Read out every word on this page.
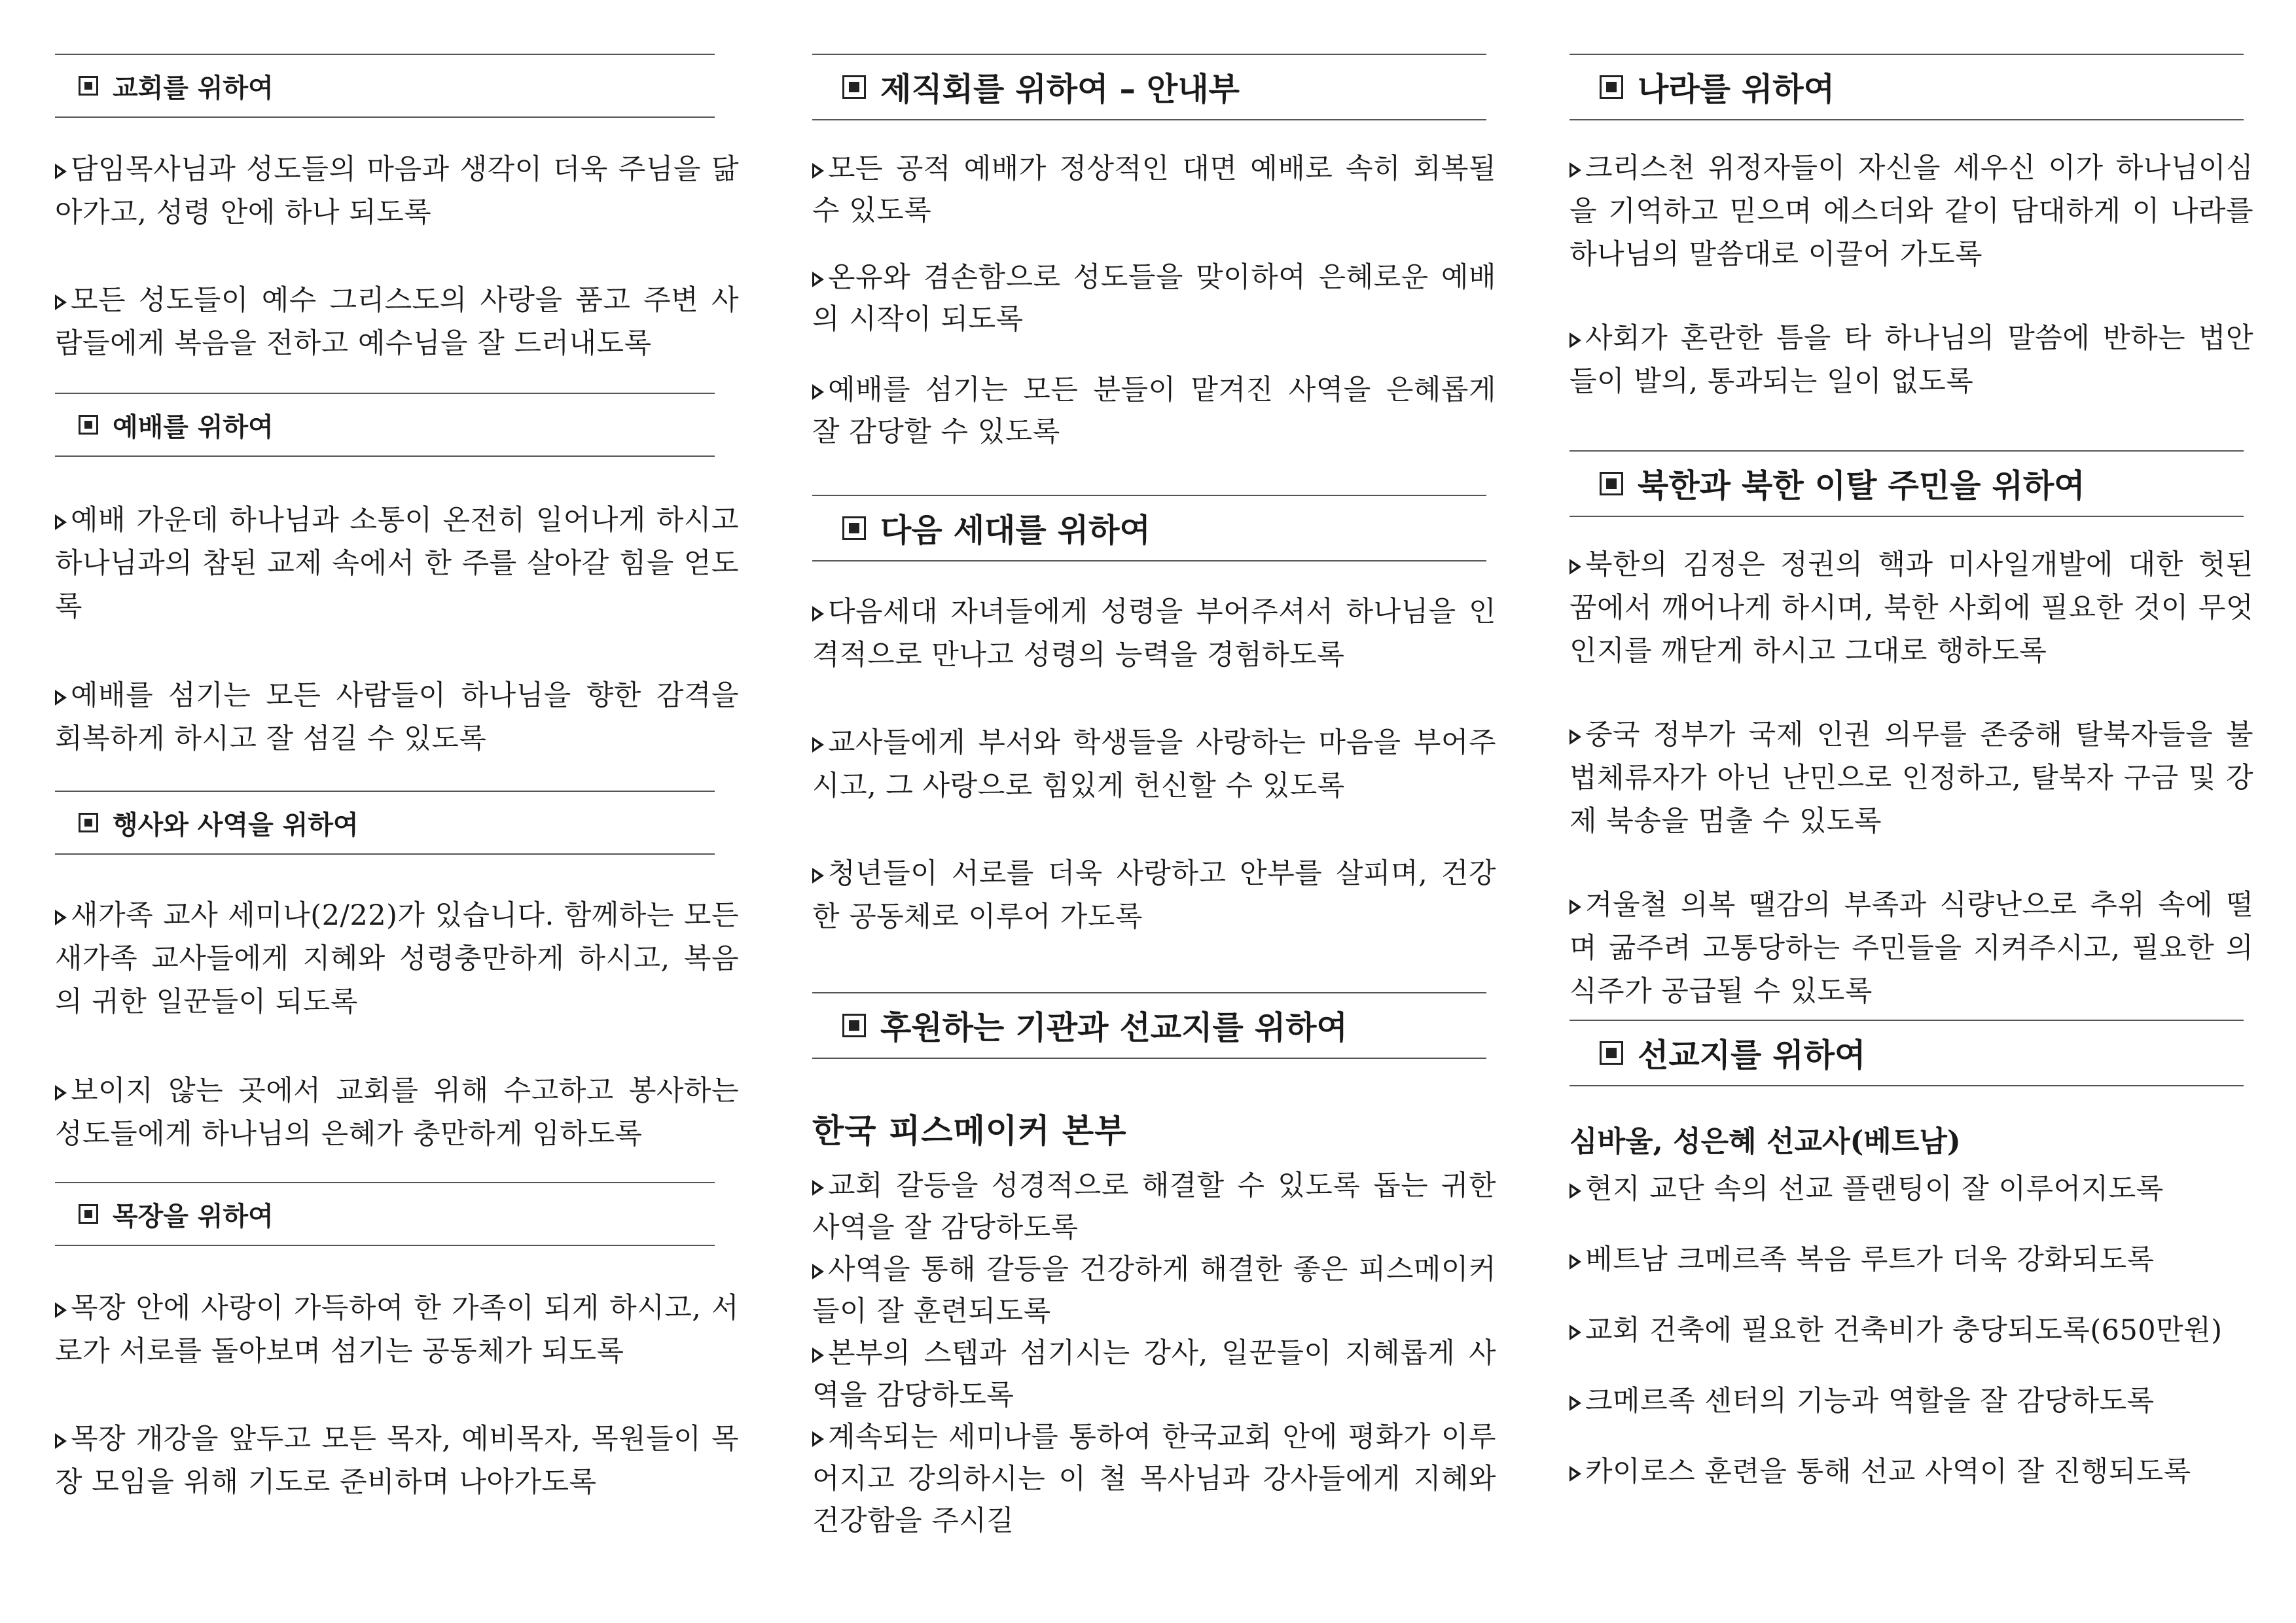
교회를 위하여
담임목사님과 성도들의 마음과 생각이 더욱 주님을 닮아가고, 성령 안에 하나 되도록
모든 성도들이 예수 그리스도의 사랑을 품고 주변 사람들에게 복음을 전하고 예수님을 잘 드러내도록
예배를 위하여
예배 가운데 하나님과 소통이 온전히 일어나게 하시고 하나님과의 참된 교제 속에서 한 주를 살아갈 힘을 얻도록
예배를 섬기는 모든 사람들이 하나님을 향한 감격을 회복하게 하시고 잘 섬길 수 있도록
행사와 사역을 위하여
새가족 교사 세미나(2/22)가 있습니다. 함께하는 모든 새가족 교사들에게 지혜와 성령충만하게 하시고, 복음의 귀한 일꾼들이 되도록
보이지 않는 곳에서 교회를 위해 수고하고 봉사하는 성도들에게 하나님의 은혜가 충만하게 임하도록
목장을 위하여
목장 안에 사랑이 가득하여 한 가족이 되게 하시고, 서로가 서로를 돌아보며 섬기는 공동체가 되도록
목장 개강을 앞두고 모든 목자, 예비목자, 목원들이 목장 모임을 위해 기도로 준비하며 나아가도록
제직회를 위하여 – 안내부
모든 공적 예배가 정상적인 대면 예배로 속히 회복될 수 있도록
온유와 겸손함으로 성도들을 맞이하여 은혜로운 예배의 시작이 되도록
예배를 섬기는 모든 분들이 맡겨진 사역을 은혜롭게 잘 감당할 수 있도록
다음 세대를 위하여
다음세대 자녀들에게 성령을 부어주셔서 하나님을 인격적으로 만나고 성령의 능력을 경험하도록
교사들에게 부서와 학생들을 사랑하는 마음을 부어주시고, 그 사랑으로 힘있게 헌신할 수 있도록
청년들이 서로를 더욱 사랑하고 안부를 살피며, 건강한 공동체로 이루어 가도록
후원하는 기관과 선교지를 위하여
한국 피스메이커 본부
교회 갈등을 성경적으로 해결할 수 있도록 돕는 귀한 사역을 잘 감당하도록
사역을 통해 갈등을 건강하게 해결한 좋은 피스메이커들이 잘 훈련되도록
본부의 스텝과 섬기시는 강사, 일꾼들이 지혜롭게 사역을 감당하도록
계속되는 세미나를 통하여 한국교회 안에 평화가 이루어지고 강의하시는 이 철 목사님과 강사들에게 지혜와 건강함을 주시길
나라를 위하여
크리스천 위정자들이 자신을 세우신 이가 하나님이심을 기억하고 믿으며 에스더와 같이 담대하게 이 나라를 하나님의 말씀대로 이끌어 가도록
사회가 혼란한 틈을 타 하나님의 말씀에 반하는 법안들이 발의, 통과되는 일이 없도록
북한과 북한 이탈 주민을 위하여
북한의 김정은 정권의 핵과 미사일개발에 대한 헛된 꿈에서 깨어나게 하시며, 북한 사회에 필요한 것이 무엇인지를 깨닫게 하시고 그대로 행하도록
중국 정부가 국제 인권 의무를 존중해 탈북자들을 불법체류자가 아닌 난민으로 인정하고, 탈북자 구금 및 강제 북송을 멈출 수 있도록
겨울철 의복 땔감의 부족과 식량난으로 추위 속에 떨며 굶주려 고통당하는 주민들을 지켜주시고, 필요한 의식주가 공급될 수 있도록
선교지를 위하여
심바울, 성은혜 선교사(베트남)
현지 교단 속의 선교 플랜팅이 잘 이루어지도록
베트남 크메르족 복음 루트가 더욱 강화되도록
교회 건축에 필요한 건축비가 충당되도록(650만원)
크메르족 센터의 기능과 역할을 잘 감당하도록
카이로스 훈련을 통해 선교 사역이 잘 진행되도록
